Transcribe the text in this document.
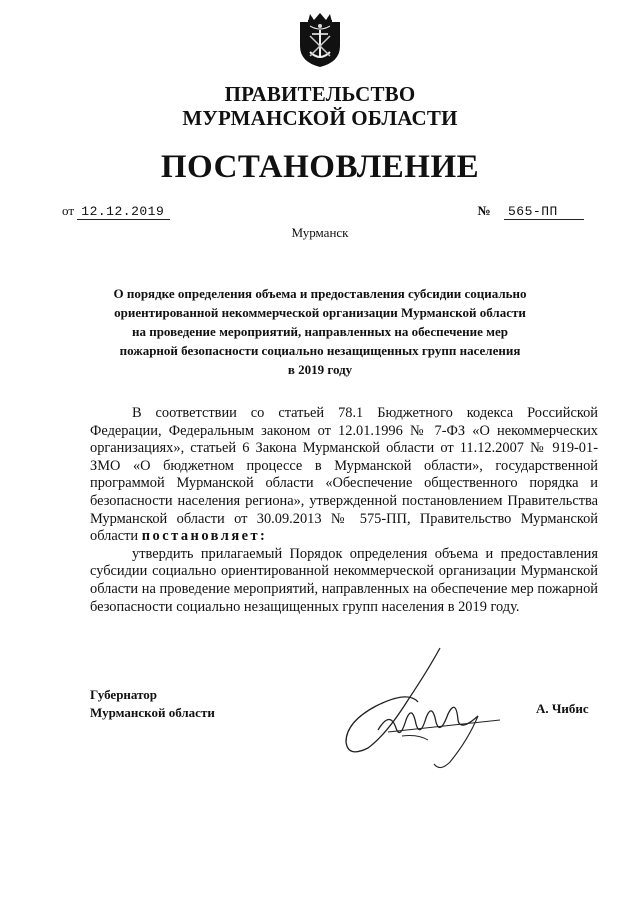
ПРАВИТЕЛЬСТВО
МУРМАНСКОЙ ОБЛАСТИ
ПОСТАНОВЛЕНИЕ
от 12.12.2019	№ 565-ПП
Мурманск
О порядке определения объема и предоставления субсидии социально
ориентированной некоммерческой организации Мурманской области
на проведение мероприятий, направленных на обеспечение мер
пожарной безопасности социально незащищенных групп населения
в 2019 году

В соответствии со статьей 78.1 Бюджетного кодекса Российской Федерации, Федеральным законом от 12.01.1996 № 7-ФЗ «О некоммерческих организациях», статьей 6 Закона Мурманской области от 11.12.2007 № 919-01-ЗМО «О бюджетном процессе в Мурманской области», государственной программой Мурманской области «Обеспечение общественного порядка и безопасности населения региона», утвержденной постановлением Правительства Мурманской области от 30.09.2013 № 575-ПП, Правительство Мурманской области постановляет:

утвердить прилагаемый Порядок определения объема и предоставления субсидии социально ориентированной некоммерческой организации Мурманской области на проведение мероприятий, направленных на обеспечение мер пожарной безопасности социально незащищенных групп населения в 2019 году.

Губернатор
Мурманской области	А. Чибис
